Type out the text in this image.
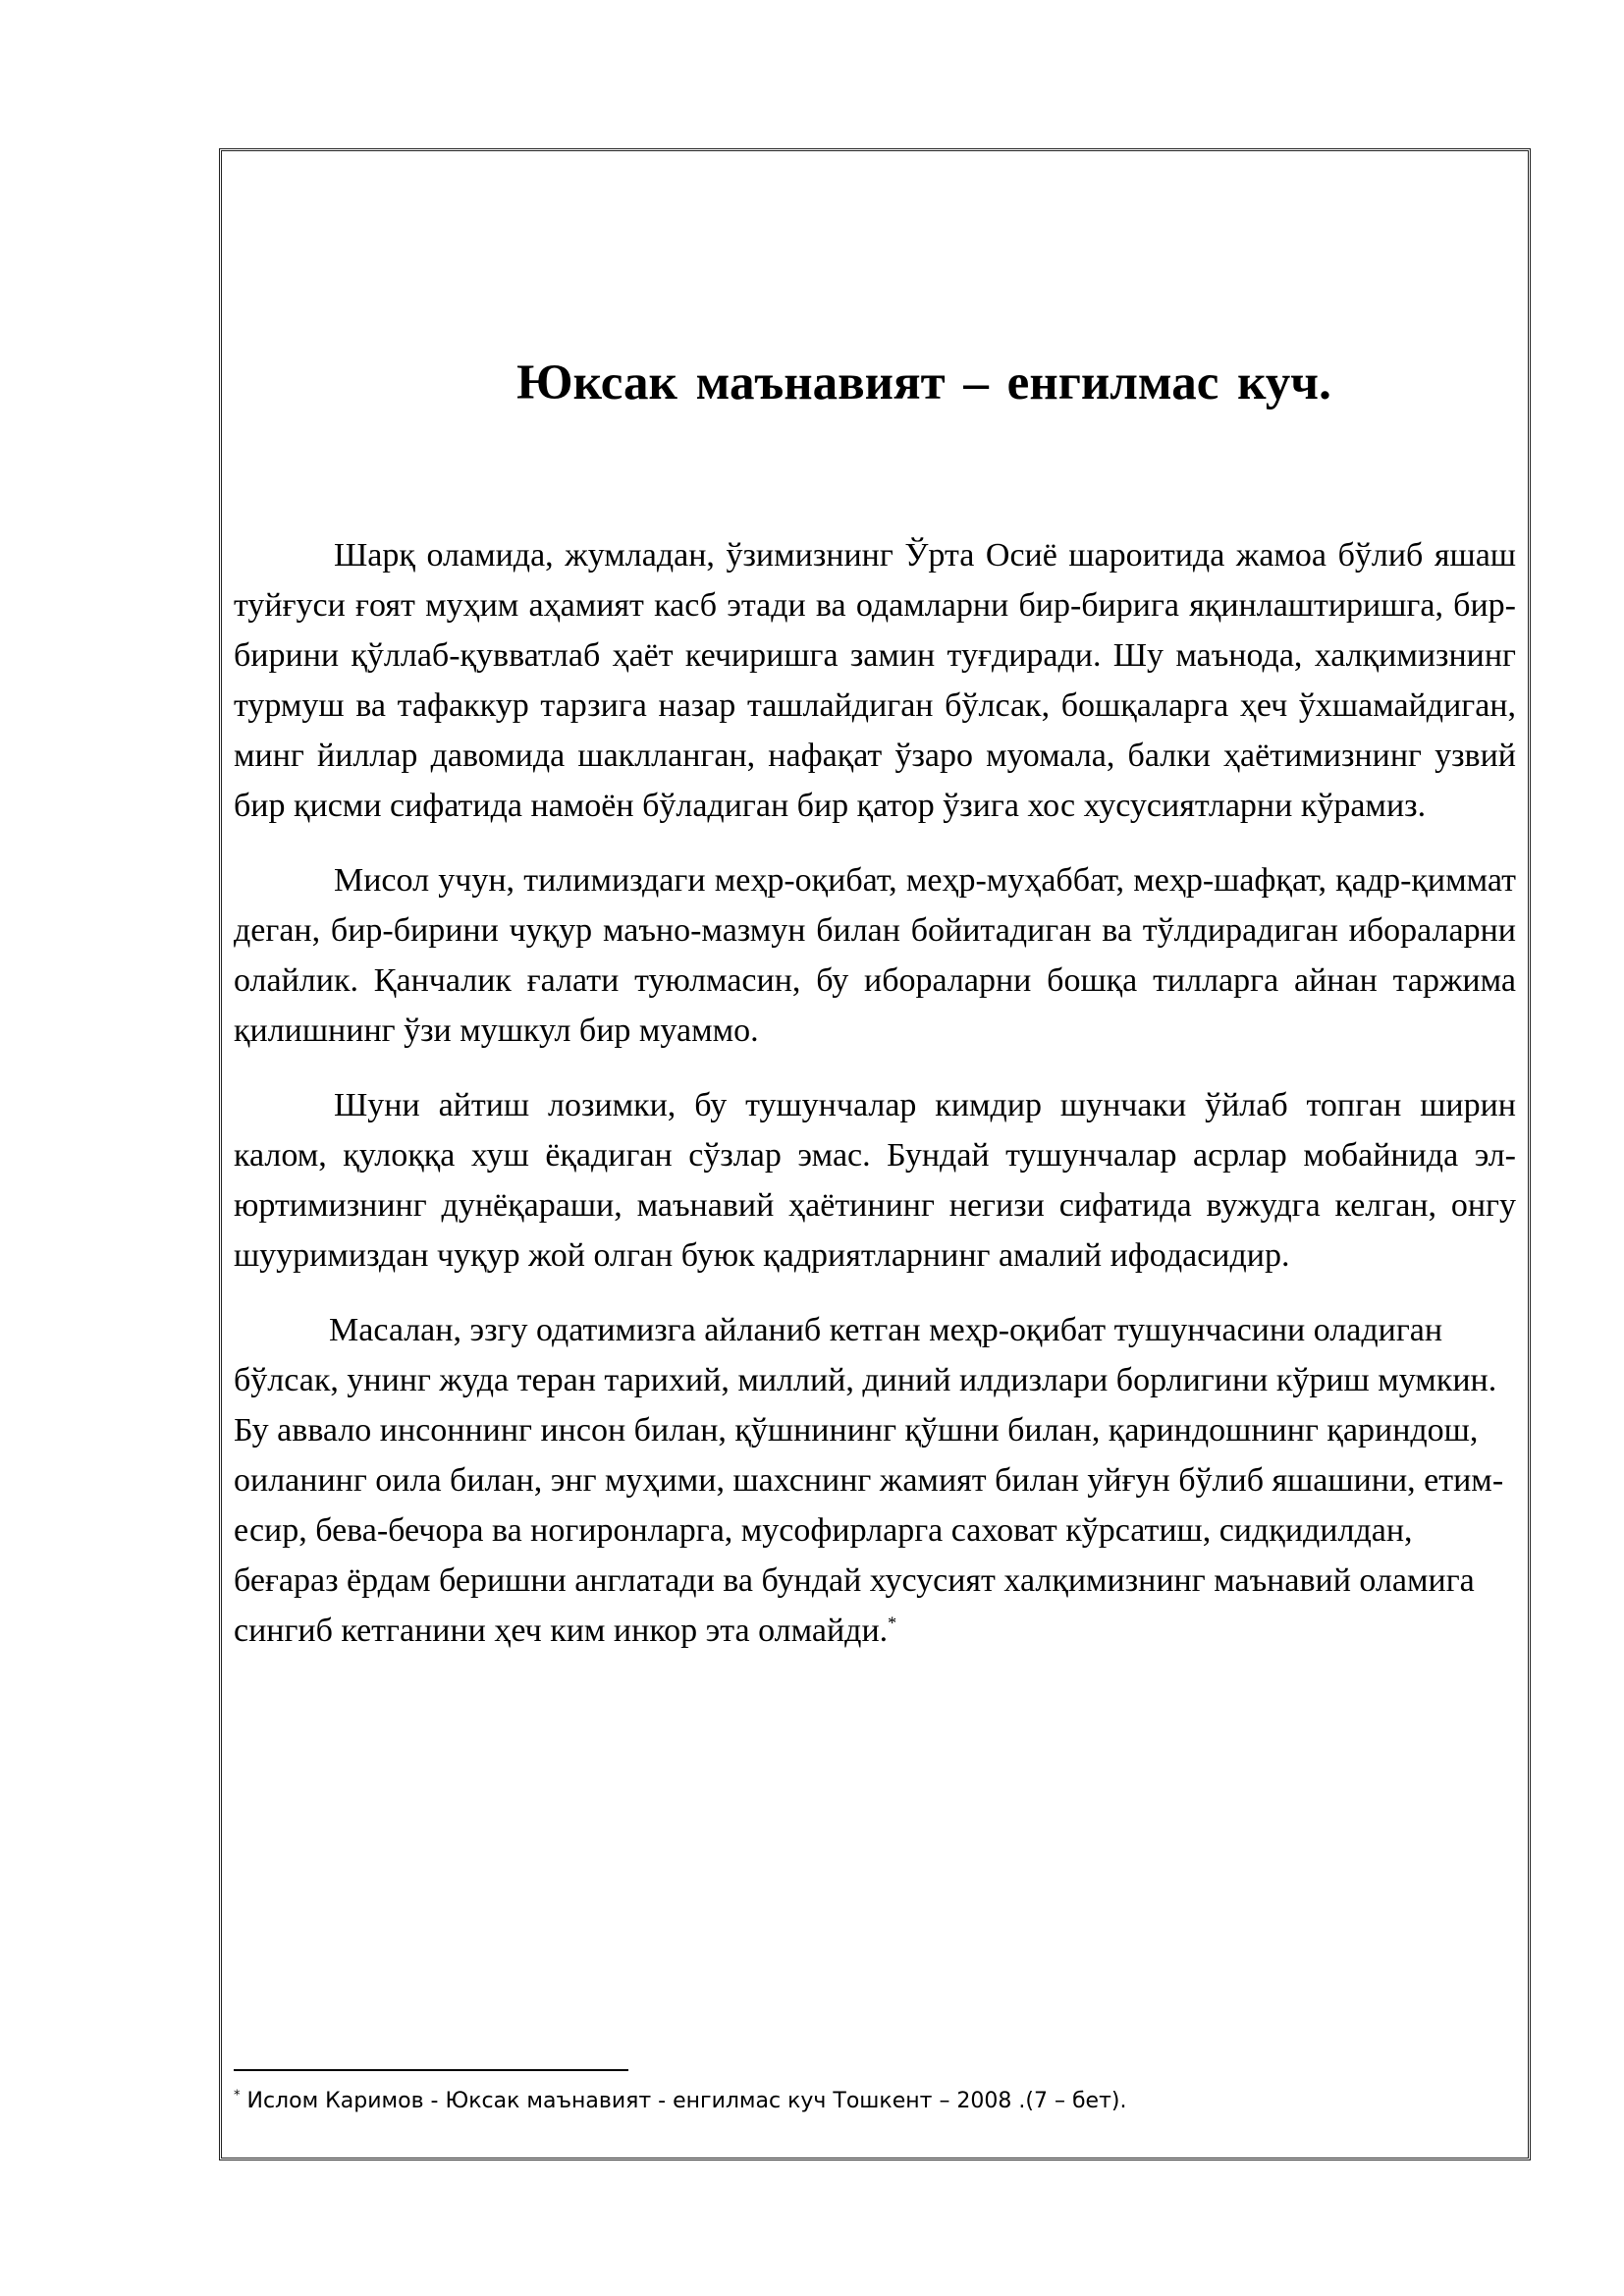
Юксак маънавият – енгилмас куч.

Шарқ оламида, жумладан, ўзимизнинг Ўрта Осиё шароитида жамоа бўлиб яшаш туйғуси ғоят муҳим аҳамият касб этади ва одамларни бир-бирига яқинлаштиришга, бир-бирини қўллаб-қувватлаб ҳаёт кечиришга замин туғдиради. Шу маънода, халқимизнинг турмуш ва тафаккур тарзига назар ташлайдиган бўлсак, бошқаларга ҳеч ўхшамайдиган, минг йиллар давомида шаклланган, нафақат ўзаро муомала, балки ҳаётимизнинг узвий бир қисми сифатида намоён бўладиган бир қатор ўзига хос хусусиятларни кўрамиз.

Мисол учун, тилимиздаги меҳр-оқибат, меҳр-муҳаббат, меҳр-шафқат, қадр-қиммат деган, бир-бирини чуқур маъно-мазмун билан бойитадиган ва тўлдирадиган ибораларни олайлик. Қанчалик ғалати туюлмасин, бу ибораларни бошқа тилларга айнан таржима қилишнинг ўзи мушкул бир муаммо.

Шуни айтиш лозимки, бу тушунчалар кимдир шунчаки ўйлаб топган ширин калом, қулоққа хуш ёқадиган сўзлар эмас. Бундай тушунчалар асрлар мобайнида эл-юртимизнинг дунёқараши, маънавий ҳаётининг негизи сифатида вужудга келган, онгу шууримиздан чуқур жой олган буюк қадриятларнинг амалий ифодасидир.

Масалан, эзгу одатимизга айланиб кетган меҳр-оқибат тушунчасини оладиган бўлсак, унинг жуда теран тарихий, миллий, диний илдизлари борлигини кўриш мумкин. Бу аввало инсоннинг инсон билан, қўшнининг қўшни билан, қариндошнинг қариндош, оиланинг оила билан, энг муҳими, шахснинг жамият билан уйғун бўлиб яшашини, етим-есир, бева-бечора ва ногиронларга, мусофирларга саховат кўрсатиш, сидқидилдан, беғараз ёрдам беришни англатади ва бундай хусусият халқимизнинг маънавий оламига сингиб кетганини ҳеч ким инкор эта олмайди.*

* Ислом Каримов - Юксак маънавият - енгилмас куч Тошкент – 2008 .(7 – бет).
